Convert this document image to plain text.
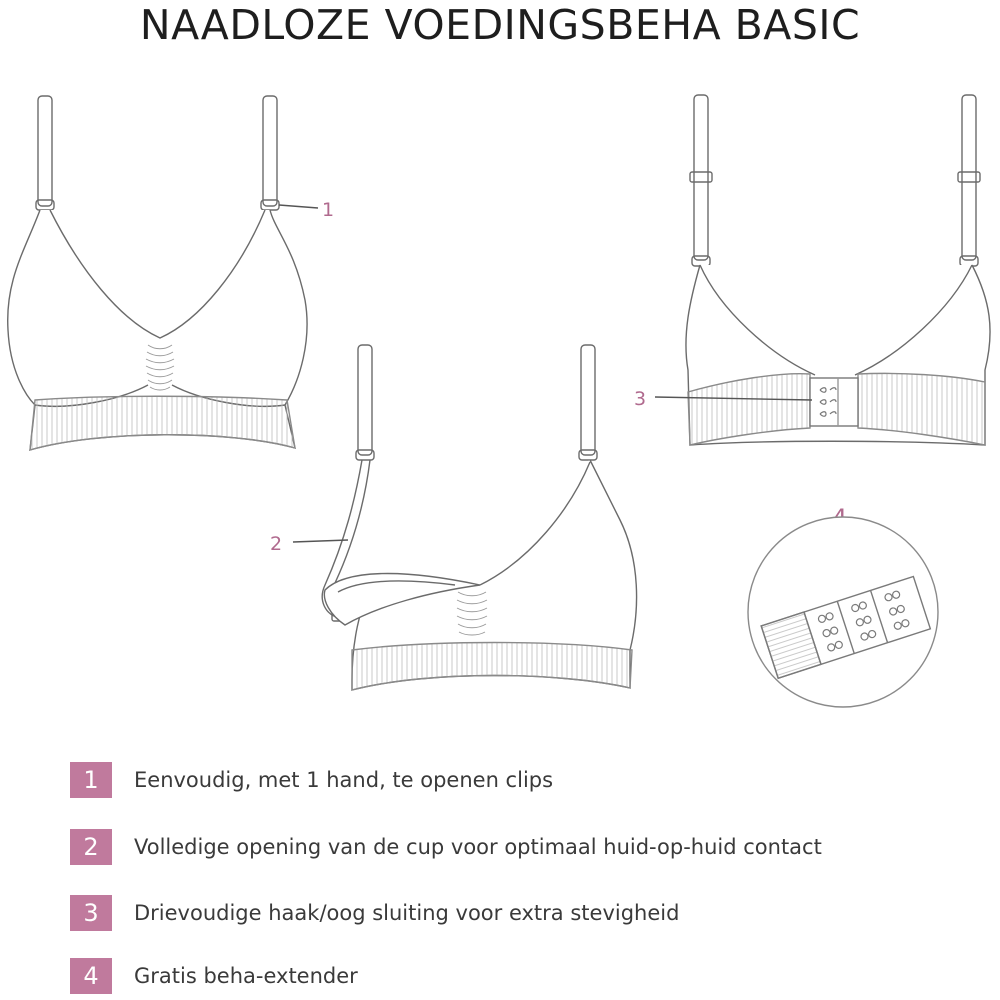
NAADLOZE VOEDINGSBEHA BASIC
1
2
3
1	Eenvoudig, met 1 hand, te openen clips
2	Volledige opening van de cup voor optimaal huid-op-huid contact
3	Drievoudige haak/oog sluiting voor extra stevigheid
4	Gratis beha-extender
